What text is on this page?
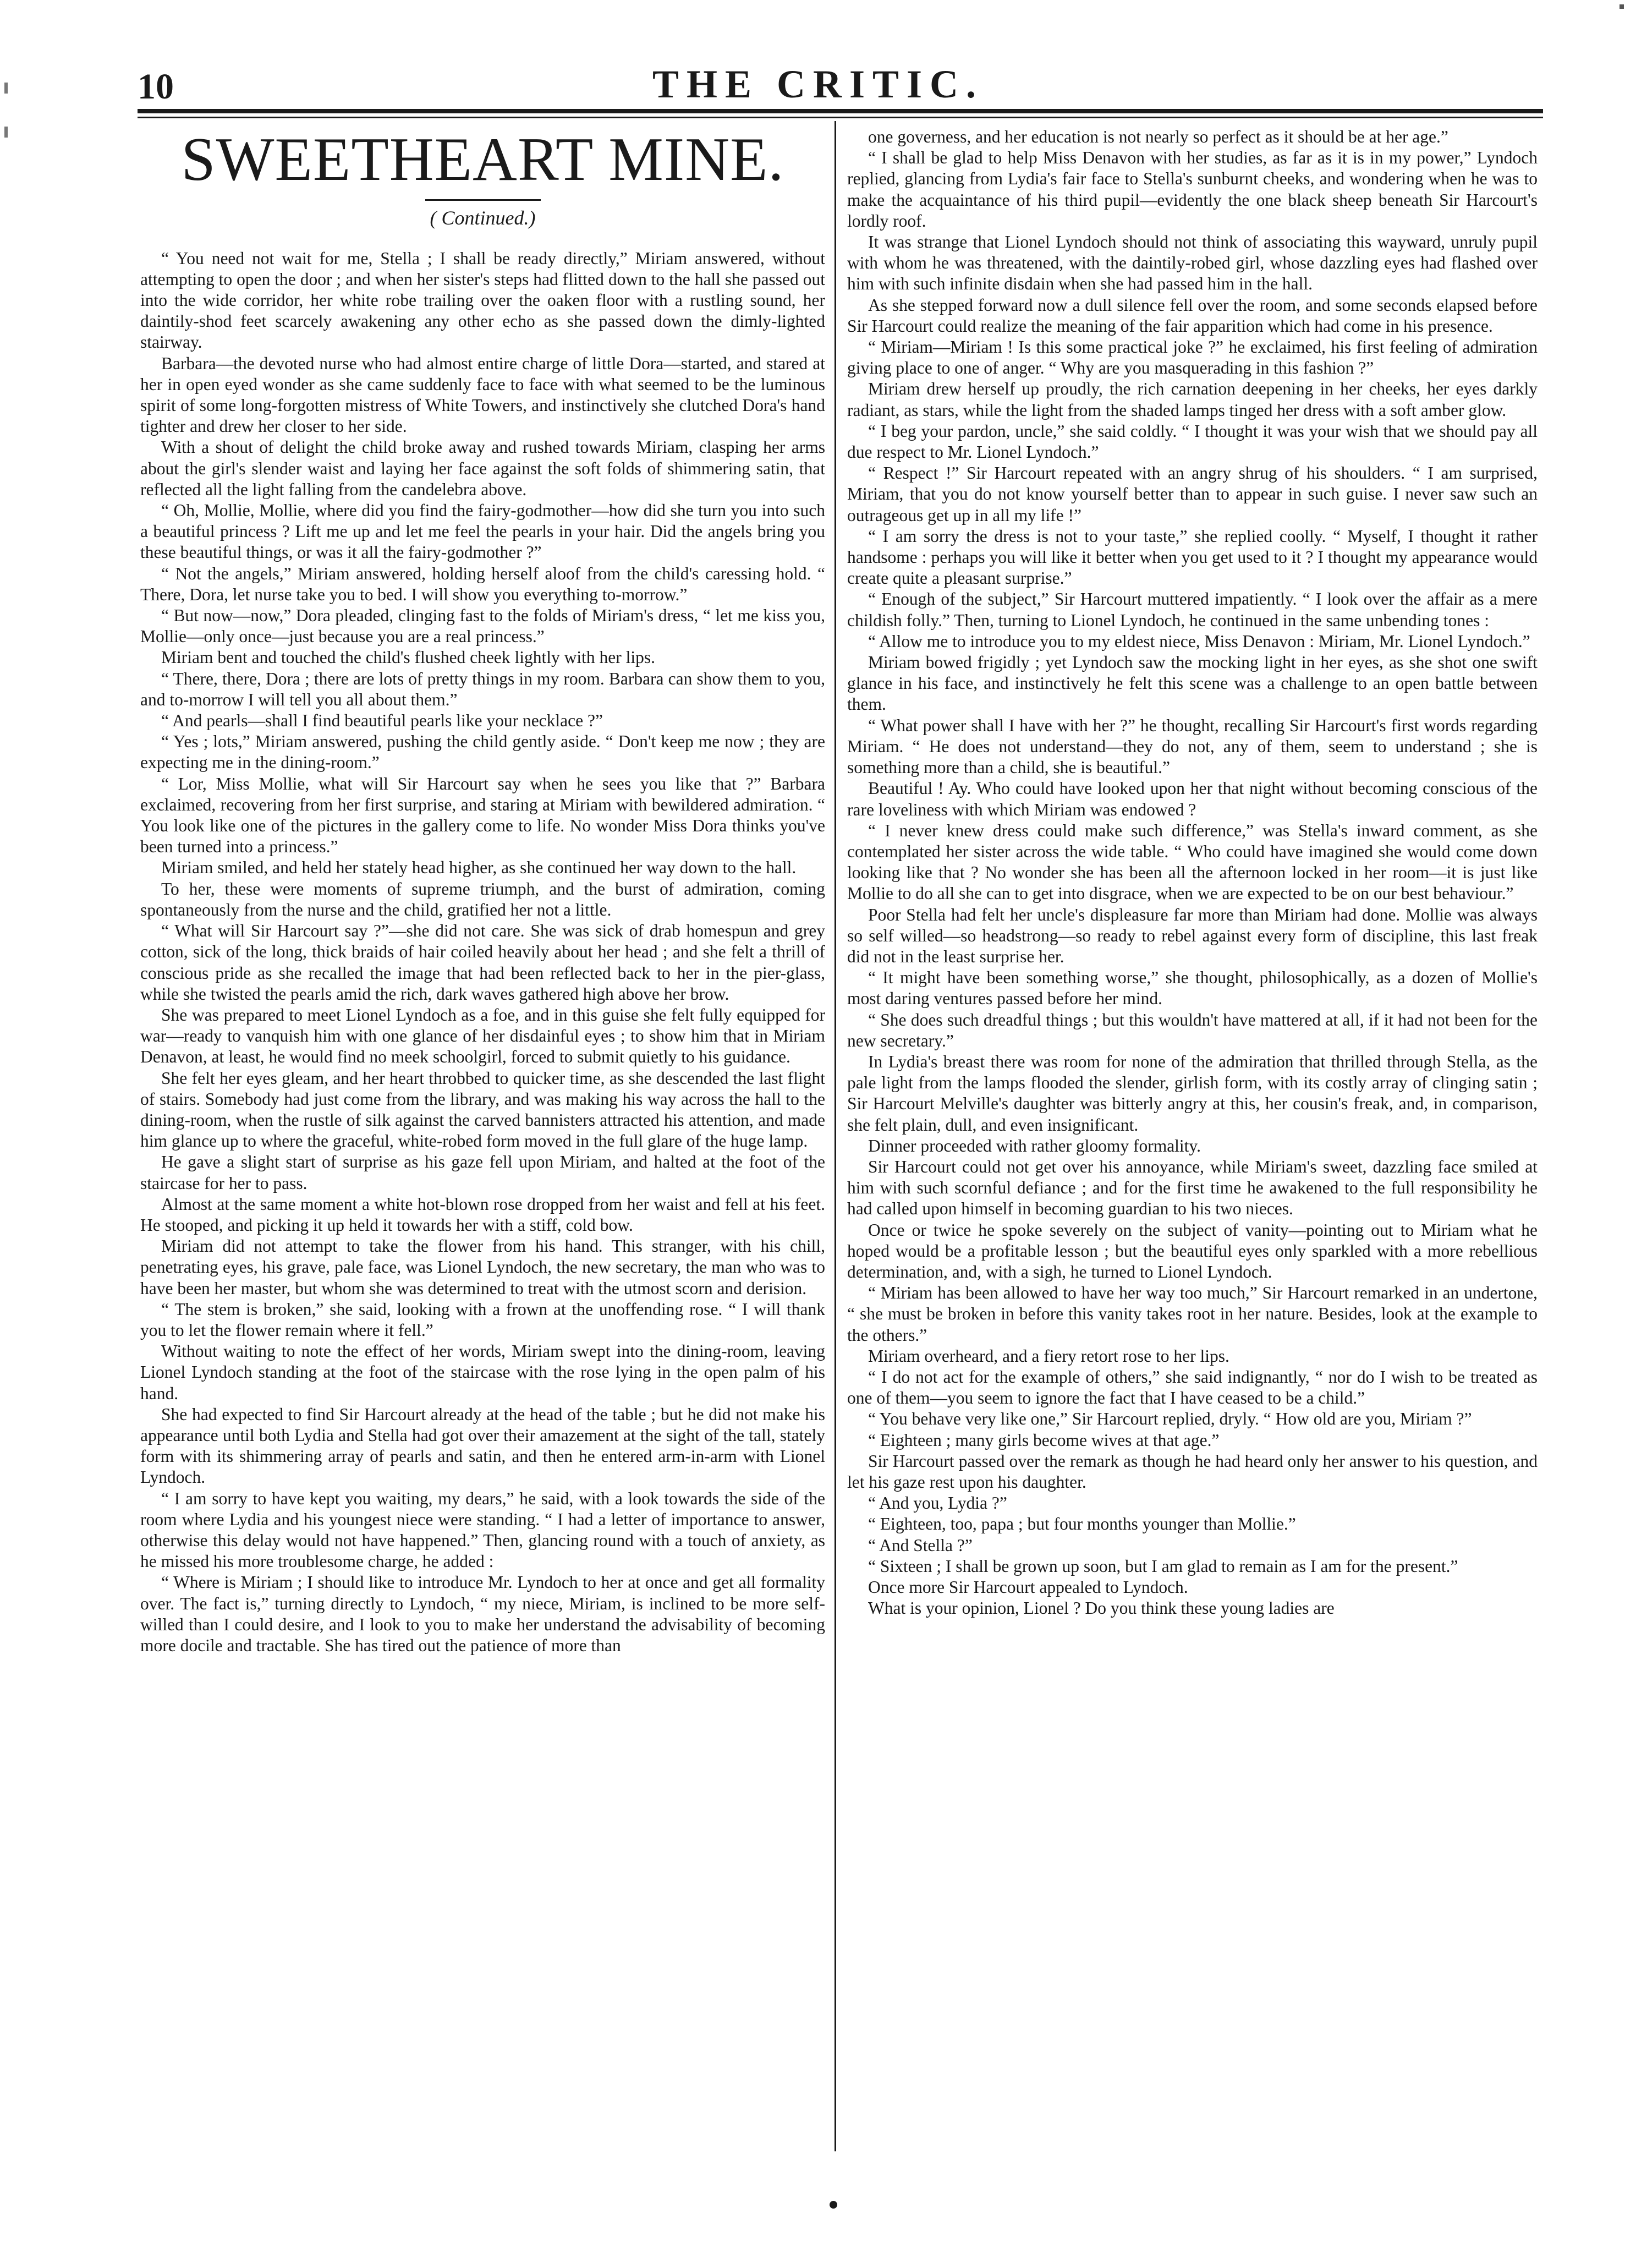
10	THE CRITIC.
SWEETHEART MINE.
( Continued.)

“ You need not wait for me, Stella ; I shall be ready directly,” Miriam answered, without attempting to open the door ; and when her sister's steps had flitted down to the hall she passed out into the wide corridor, her white robe trailing over the oaken floor with a rustling sound, her daintily-shod feet scarcely awakening any other echo as she passed down the dimly-lighted stairway.

Barbara—the devoted nurse who had almost entire charge of little Dora—started, and stared at her in open eyed wonder as she came suddenly face to face with what seemed to be the luminous spirit of some long-forgotten mistress of White Towers, and instinctively she clutched Dora's hand tighter and drew her closer to her side.

With a shout of delight the child broke away and rushed towards Miriam, clasping her arms about the girl's slender waist and laying her face against the soft folds of shimmering satin, that reflected all the light falling from the candelebra above.

“ Oh, Mollie, Mollie, where did you find the fairy-godmother—how did she turn you into such a beautiful princess ? Lift me up and let me feel the pearls in your hair. Did the angels bring you these beautiful things, or was it all the fairy-godmother ?”

“ Not the angels,” Miriam answered, holding herself aloof from the child's caressing hold. “ There, Dora, let nurse take you to bed. I will show you everything to-morrow.”

“ But now—now,” Dora pleaded, clinging fast to the folds of Miriam's dress, “ let me kiss you, Mollie—only once—just because you are a real princess.”

Miriam bent and touched the child's flushed cheek lightly with her lips.

“ There, there, Dora ; there are lots of pretty things in my room. Barbara can show them to you, and to-morrow I will tell you all about them.”

“ And pearls—shall I find beautiful pearls like your necklace ?”

“ Yes ; lots,” Miriam answered, pushing the child gently aside. “ Don't keep me now ; they are expecting me in the dining-room.”

“ Lor, Miss Mollie, what will Sir Harcourt say when he sees you like that ?” Barbara exclaimed, recovering from her first surprise, and staring at Miriam with bewildered admiration. “ You look like one of the pictures in the gallery come to life. No wonder Miss Dora thinks you've been turned into a princess.”

Miriam smiled, and held her stately head higher, as she continued her way down to the hall.

To her, these were moments of supreme triumph, and the burst of admiration, coming spontaneously from the nurse and the child, gratified her not a little.

“ What will Sir Harcourt say ?”—she did not care. She was sick of drab homespun and grey cotton, sick of the long, thick braids of hair coiled heavily about her head ; and she felt a thrill of conscious pride as she recalled the image that had been reflected back to her in the pier-glass, while she twisted the pearls amid the rich, dark waves gathered high above her brow.

She was prepared to meet Lionel Lyndoch as a foe, and in this guise she felt fully equipped for war—ready to vanquish him with one glance of her disdainful eyes ; to show him that in Miriam Denavon, at least, he would find no meek schoolgirl, forced to submit quietly to his guidance.

She felt her eyes gleam, and her heart throbbed to quicker time, as she descended the last flight of stairs. Somebody had just come from the library, and was making his way across the hall to the dining-room, when the rustle of silk against the carved bannisters attracted his attention, and made him glance up to where the graceful, white-robed form moved in the full glare of the huge lamp.

He gave a slight start of surprise as his gaze fell upon Miriam, and halted at the foot of the staircase for her to pass.

Almost at the same moment a white hot-blown rose dropped from her waist and fell at his feet. He stooped, and picking it up held it towards her with a stiff, cold bow.

Miriam did not attempt to take the flower from his hand. This stranger, with his chill, penetrating eyes, his grave, pale face, was Lionel Lyndoch, the new secretary, the man who was to have been her master, but whom she was determined to treat with the utmost scorn and derision.

“ The stem is broken,” she said, looking with a frown at the unoffending rose. “ I will thank you to let the flower remain where it fell.”

Without waiting to note the effect of her words, Miriam swept into the dining-room, leaving Lionel Lyndoch standing at the foot of the staircase with the rose lying in the open palm of his hand.

She had expected to find Sir Harcourt already at the head of the table ; but he did not make his appearance until both Lydia and Stella had got over their amazement at the sight of the tall, stately form with its shimmering array of pearls and satin, and then he entered arm-in-arm with Lionel Lyndoch.

“ I am sorry to have kept you waiting, my dears,” he said, with a look towards the side of the room where Lydia and his youngest niece were standing. “ I had a letter of importance to answer, otherwise this delay would not have happened.” Then, glancing round with a touch of anxiety, as he missed his more troublesome charge, he added :

“ Where is Miriam ; I should like to introduce Mr. Lyndoch to her at once and get all formality over. The fact is,” turning directly to Lyndoch, “ my niece, Miriam, is inclined to be more self-willed than I could desire, and I look to you to make her understand the advisability of becoming more docile and tractable. She has tired out the patience of more than

one governess, and her education is not nearly so perfect as it should be at her age.”

“ I shall be glad to help Miss Denavon with her studies, as far as it is in my power,” Lyndoch replied, glancing from Lydia's fair face to Stella's sunburnt cheeks, and wondering when he was to make the acquaintance of his third pupil—evidently the one black sheep beneath Sir Harcourt's lordly roof.

It was strange that Lionel Lyndoch should not think of associating this wayward, unruly pupil with whom he was threatened, with the daintily-robed girl, whose dazzling eyes had flashed over him with such infinite disdain when she had passed him in the hall.

As she stepped forward now a dull silence fell over the room, and some seconds elapsed before Sir Harcourt could realize the meaning of the fair apparition which had come in his presence.

“ Miriam—Miriam ! Is this some practical joke ?” he exclaimed, his first feeling of admiration giving place to one of anger. “ Why are you masquerading in this fashion ?”

Miriam drew herself up proudly, the rich carnation deepening in her cheeks, her eyes darkly radiant, as stars, while the light from the shaded lamps tinged her dress with a soft amber glow.

“ I beg your pardon, uncle,” she said coldly. “ I thought it was your wish that we should pay all due respect to Mr. Lionel Lyndoch.”

“ Respect !” Sir Harcourt repeated with an angry shrug of his shoulders. “ I am surprised, Miriam, that you do not know yourself better than to appear in such guise. I never saw such an outrageous get up in all my life !”

“ I am sorry the dress is not to your taste,” she replied coolly. “ Myself, I thought it rather handsome : perhaps you will like it better when you get used to it ? I thought my appearance would create quite a pleasant surprise.”

“ Enough of the subject,” Sir Harcourt muttered impatiently. “ I look over the affair as a mere childish folly.” Then, turning to Lionel Lyndoch, he continued in the same unbending tones :

“ Allow me to introduce you to my eldest niece, Miss Denavon : Miriam, Mr. Lionel Lyndoch.”

Miriam bowed frigidly ; yet Lyndoch saw the mocking light in her eyes, as she shot one swift glance in his face, and instinctively he felt this scene was a challenge to an open battle between them.

“ What power shall I have with her ?” he thought, recalling Sir Harcourt's first words regarding Miriam. “ He does not understand—they do not, any of them, seem to understand ; she is something more than a child, she is beautiful.”

Beautiful ! Ay. Who could have looked upon her that night without becoming conscious of the rare loveliness with which Miriam was endowed ?

“ I never knew dress could make such difference,” was Stella's inward comment, as she contemplated her sister across the wide table. “ Who could have imagined she would come down looking like that ? No wonder she has been all the afternoon locked in her room—it is just like Mollie to do all she can to get into disgrace, when we are expected to be on our best behaviour.”

Poor Stella had felt her uncle's displeasure far more than Miriam had done. Mollie was always so self willed—so headstrong—so ready to rebel against every form of discipline, this last freak did not in the least surprise her.

“ It might have been something worse,” she thought, philosophically, as a dozen of Mollie's most daring ventures passed before her mind.

“ She does such dreadful things ; but this wouldn't have mattered at all, if it had not been for the new secretary.”

In Lydia's breast there was room for none of the admiration that thrilled through Stella, as the pale light from the lamps flooded the slender, girlish form, with its costly array of clinging satin ; Sir Harcourt Melville's daughter was bitterly angry at this, her cousin's freak, and, in comparison, she felt plain, dull, and even insignificant.

Dinner proceeded with rather gloomy formality.

Sir Harcourt could not get over his annoyance, while Miriam's sweet, dazzling face smiled at him with such scornful defiance ; and for the first time he awakened to the full responsibility he had called upon himself in becoming guardian to his two nieces.

Once or twice he spoke severely on the subject of vanity—pointing out to Miriam what he hoped would be a profitable lesson ; but the beautiful eyes only sparkled with a more rebellious determination, and, with a sigh, he turned to Lionel Lyndoch.

“ Miriam has been allowed to have her way too much,” Sir Harcourt remarked in an undertone, “ she must be broken in before this vanity takes root in her nature. Besides, look at the example to the others.”

Miriam overheard, and a fiery retort rose to her lips.

“ I do not act for the example of others,” she said indignantly, “ nor do I wish to be treated as one of them—you seem to ignore the fact that I have ceased to be a child.”

“ You behave very like one,” Sir Harcourt replied, dryly. “ How old are you, Miriam ?”

“ Eighteen ; many girls become wives at that age.”

Sir Harcourt passed over the remark as though he had heard only her answer to his question, and let his gaze rest upon his daughter.

“ And you, Lydia ?”

“ Eighteen, too, papa ; but four months younger than Mollie.”

“ And Stella ?”

“ Sixteen ; I shall be grown up soon, but I am glad to remain as I am for the present.”

Once more Sir Harcourt appealed to Lyndoch.

What is your opinion, Lionel ? Do you think these young ladies are
